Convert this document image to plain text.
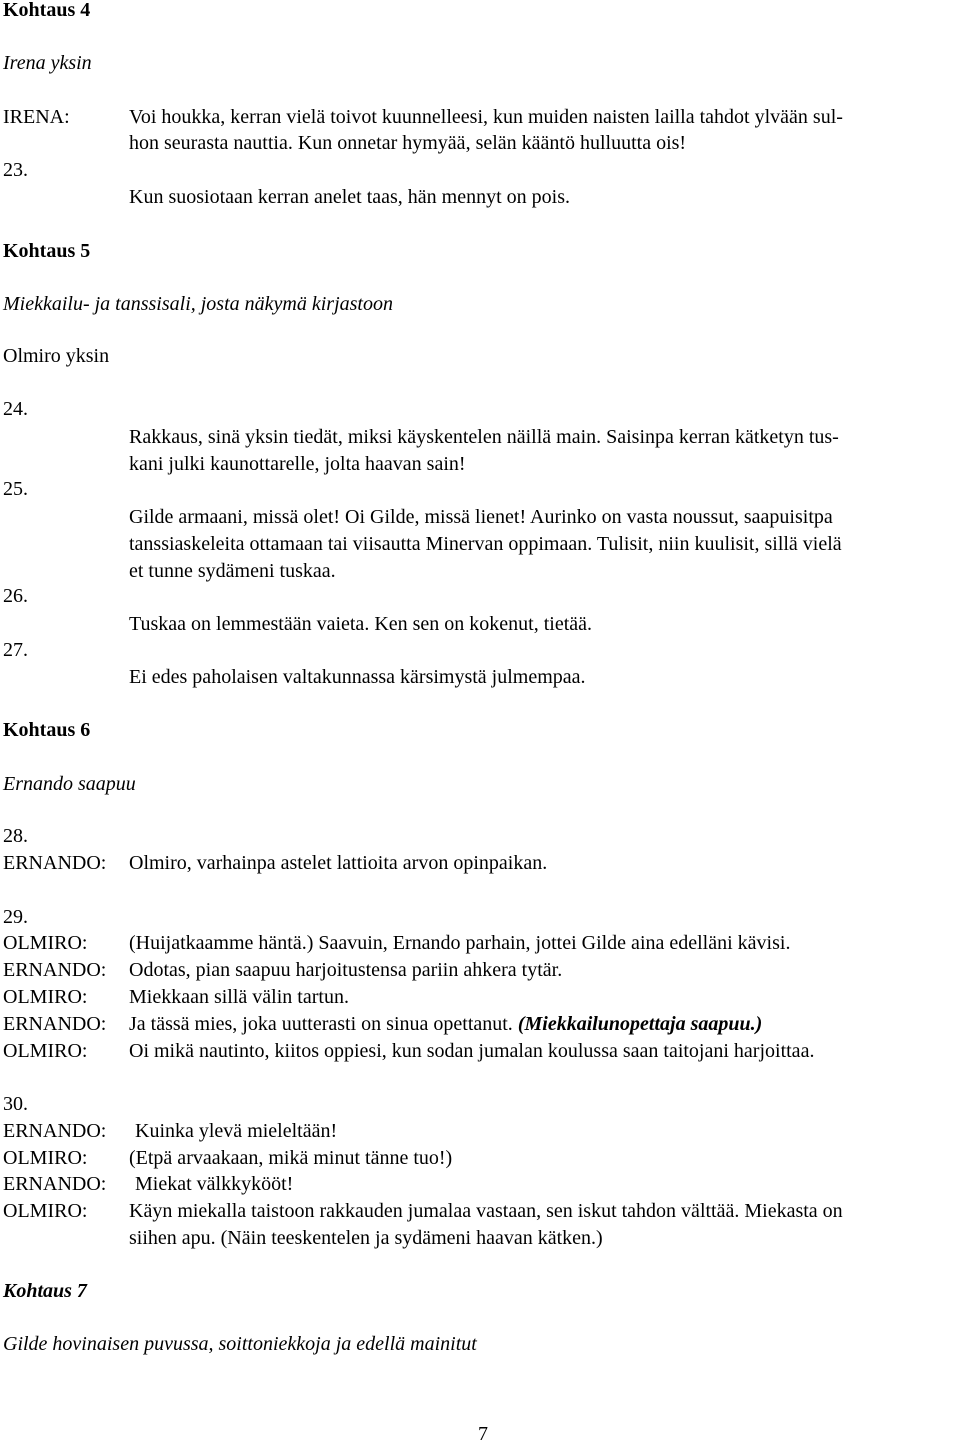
Kohtaus 4

Irena yksin

IRENA:

23.

Voi houkka, kerran vielä toivot kuunnelleesi, kun muiden naisten lailla tahdot ylvään sul-

hon seurasta nauttia. Kun onnetar hymyää, selän kääntö hulluutta ois!

Kun suosiotaan kerran anelet taas, hän mennyt on pois.

Kohtaus 5

Miekkailu- ja tanssisali, josta näkymä kirjastoon

Olmiro yksin

24.

25.

26.

27.

Rakkaus, sinä yksin tiedät, miksi käyskentelen näillä main. Saisinpa kerran kätketyn tus-

kani julki kaunottarelle, jolta haavan sain!

Gilde armaani, missä olet! Oi Gilde, missä lienet! Aurinko on vasta noussut, saapuisitpa

tanssiaskeleita ottamaan tai viisautta Minervan oppimaan. Tulisit, niin kuulisit, sillä vielä

et tunne sydämeni tuskaa.

Tuskaa on lemmestään vaieta. Ken sen on kokenut, tietää.

Ei edes paholaisen valtakunnassa kärsimystä julmempaa.

Kohtaus 6

Ernando saapuu

28.

ERNANDO: Olmiro, varhainpa astelet lattioita arvon opinpaikan.

29.

OLMIRO: (Huijatkaamme häntä.) Saavuin, Ernando parhain, jottei Gilde aina edelläni kävisi.

ERNANDO: Odotas, pian saapuu harjoitustensa pariin ahkera tytär.

OLMIRO: Miekkaan sillä välin tartun.

ERNANDO: Ja tässä mies, joka uutterasti on sinua opettanut. (Miekkailunopettaja saapuu.)

OLMIRO: Oi mikä nautinto, kiitos oppiesi, kun sodan jumalan koulussa saan taitojani harjoittaa.

30.

ERNANDO: Kuinka ylevä mieleltään!

OLMIRO: (Etpä arvaakaan, mikä minut tänne tuo!)

ERNANDO: Miekat välkkykööt!

OLMIRO: Käyn miekalla taistoon rakkauden jumalaa vastaan, sen iskut tahdon välttää. Miekasta on

siihen apu. (Näin teeskentelen ja sydämeni haavan kätken.)

Kohtaus 7

Gilde hovinaisen puvussa, soittoniekkoja ja edellä mainitut

7
